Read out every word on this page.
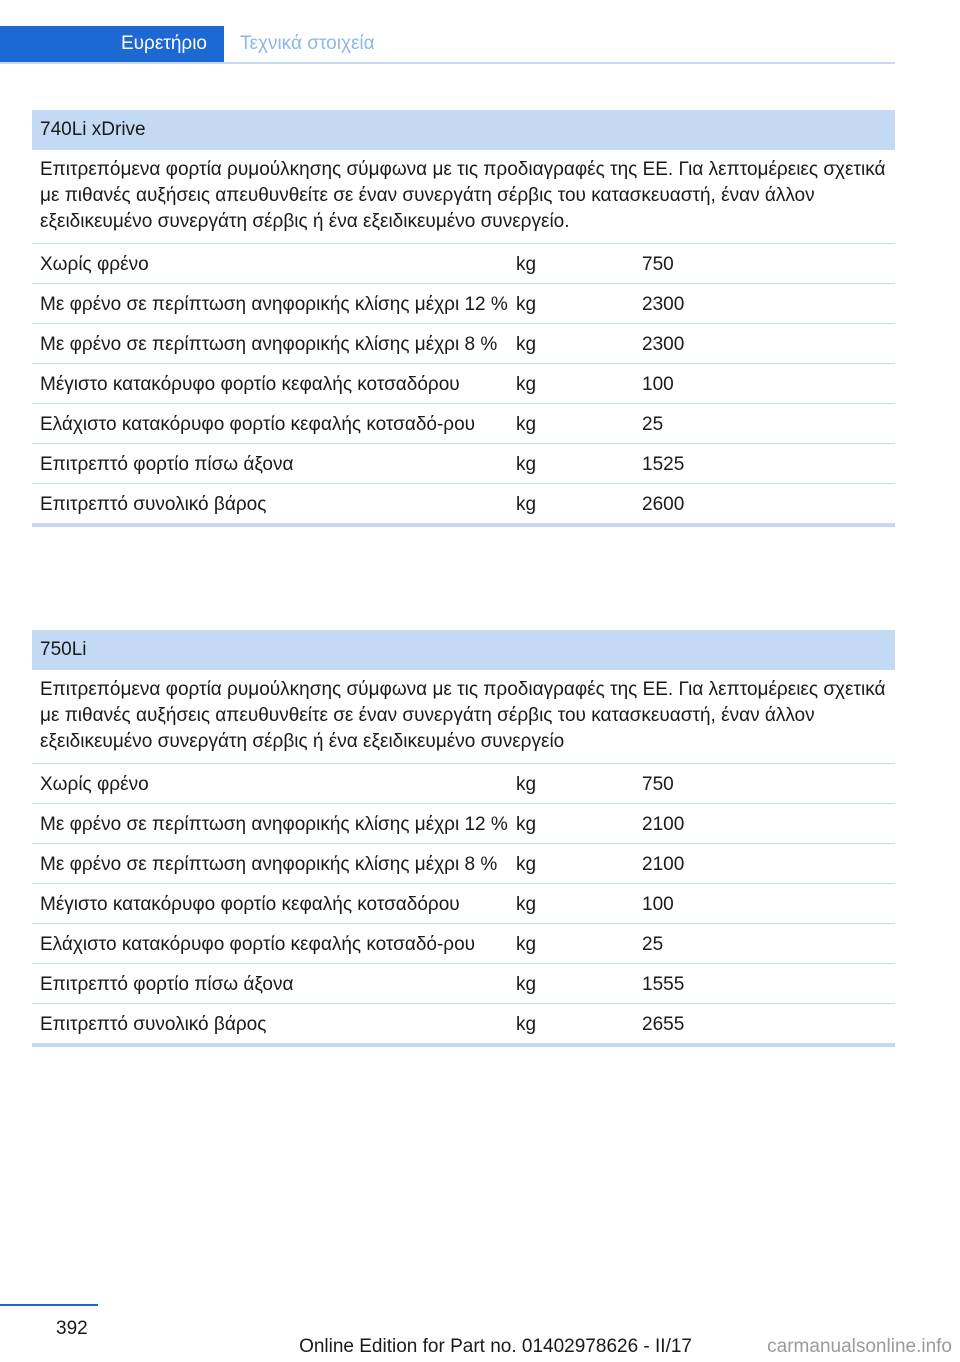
Ευρετήριο	Τεχνικά στοιχεία
740Li xDrive
Επιτρεπόμενα φορτία ρυμούλκησης σύμφωνα με τις προδιαγραφές της ΕΕ. Για λεπτομέρειες σχετικά με πιθανές αυξήσεις απευθυνθείτε σε έναν συνεργάτη σέρβις του κατασκευαστή, έναν άλλον εξειδικευμένο συνεργάτη σέρβις ή ένα εξειδικευμένο συνεργείο.
Χωρίς φρένο	kg	750
Με φρένο σε περίπτωση ανηφορικής κλίσης μέχρι 12 % kg	2300
Με φρένο σε περίπτωση ανηφορικής κλίσης μέχρι 8 % kg	2300
Μέγιστο κατακόρυφο φορτίο κεφαλής κοτσαδόρου	kg	100
Ελάχιστο κατακόρυφο φορτίο κεφαλής κοτσαδό-ρου	kg	25
Επιτρεπτό φορτίο πίσω άξονα	kg	1525
Επιτρεπτό συνολικό βάρος	kg	2600
750Li
Επιτρεπόμενα φορτία ρυμούλκησης σύμφωνα με τις προδιαγραφές της ΕΕ. Για λεπτομέρειες σχετικά με πιθανές αυξήσεις απευθυνθείτε σε έναν συνεργάτη σέρβις του κατασκευαστή, έναν άλλον εξειδικευμένο συνεργάτη σέρβις ή ένα εξειδικευμένο συνεργείο
Χωρίς φρένο	kg	750
Με φρένο σε περίπτωση ανηφορικής κλίσης μέχρι 12 % kg	2100
Με φρένο σε περίπτωση ανηφορικής κλίσης μέχρι 8 % kg	2100
Μέγιστο κατακόρυφο φορτίο κεφαλής κοτσαδόρου	kg	100
Ελάχιστο κατακόρυφο φορτίο κεφαλής κοτσαδό-ρου	kg	25
Επιτρεπτό φορτίο πίσω άξονα	kg	1555
Επιτρεπτό συνολικό βάρος	kg	2655
392
Online Edition for Part no. 01402978626 - II/17	carmanualsonline.info
